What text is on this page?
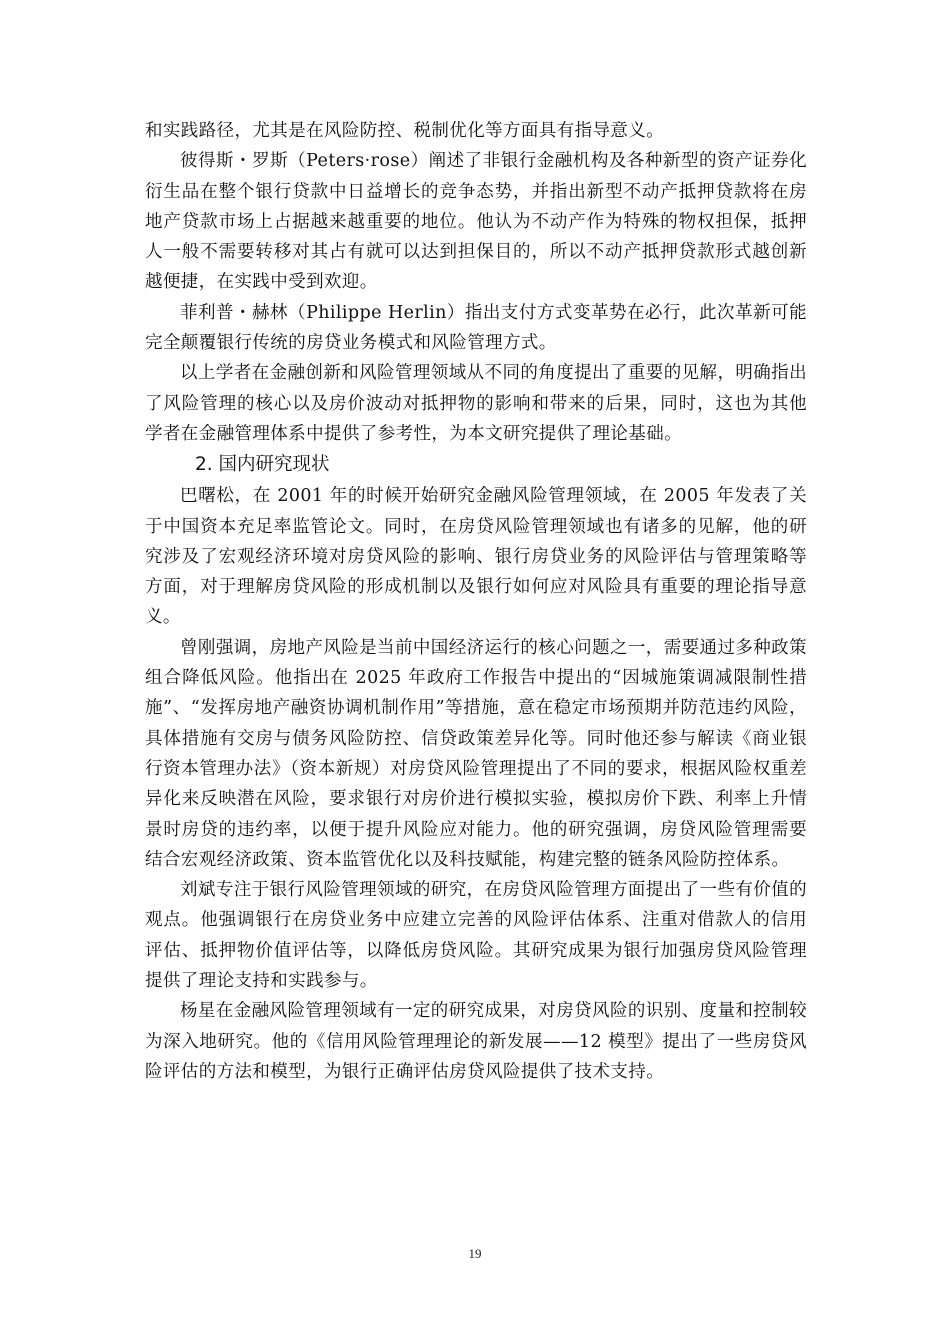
和实践路径，尤其是在风险防控、税制优化等方面具有指导意义。

彼得斯・罗斯（Peters·rose）阐述了非银行金融机构及各种新型的资产证券化衍生品在整个银行贷款中日益增长的竞争态势，并指出新型不动产抵押贷款将在房地产贷款市场上占据越来越重要的地位。他认为不动产作为特殊的物权担保，抵押人一般不需要转移对其占有就可以达到担保目的，所以不动产抵押贷款形式越创新越便捷，在实践中受到欢迎。

菲利普・赫林（Philippe Herlin）指出支付方式变革势在必行，此次革新可能完全颠覆银行传统的房贷业务模式和风险管理方式。

以上学者在金融创新和风险管理领域从不同的角度提出了重要的见解，明确指出了风险管理的核心以及房价波动对抵押物的影响和带来的后果，同时，这也为其他学者在金融管理体系中提供了参考性，为本文研究提供了理论基础。

2. 国内研究现状

巴曙松，在 2001 年的时候开始研究金融风险管理领域，在 2005 年发表了关于中国资本充足率监管论文。同时，在房贷风险管理领域也有诸多的见解，他的研究涉及了宏观经济环境对房贷风险的影响、银行房贷业务的风险评估与管理策略等方面，对于理解房贷风险的形成机制以及银行如何应对风险具有重要的理论指导意义。

曾刚强调，房地产风险是当前中国经济运行的核心问题之一，需要通过多种政策组合降低风险。他指出在 2025 年政府工作报告中提出的“因城施策调减限制性措施”、“发挥房地产融资协调机制作用”等措施，意在稳定市场预期并防范违约风险，具体措施有交房与债务风险防控、信贷政策差异化等。同时他还参与解读《商业银行资本管理办法》（资本新规）对房贷风险管理提出了不同的要求，根据风险权重差异化来反映潜在风险，要求银行对房价进行模拟实验，模拟房价下跌、利率上升情景时房贷的违约率，以便于提升风险应对能力。他的研究强调，房贷风险管理需要结合宏观经济政策、资本监管优化以及科技赋能，构建完整的链条风险防控体系。

刘斌专注于银行风险管理领域的研究，在房贷风险管理方面提出了一些有价值的观点。他强调银行在房贷业务中应建立完善的风险评估体系、注重对借款人的信用评估、抵押物价值评估等，以降低房贷风险。其研究成果为银行加强房贷风险管理提供了理论支持和实践参与。

杨星在金融风险管理领域有一定的研究成果，对房贷风险的识别、度量和控制较为深入地研究。他的《信用风险管理理论的新发展——12 模型》提出了一些房贷风险评估的方法和模型，为银行正确评估房贷风险提供了技术支持。

19
